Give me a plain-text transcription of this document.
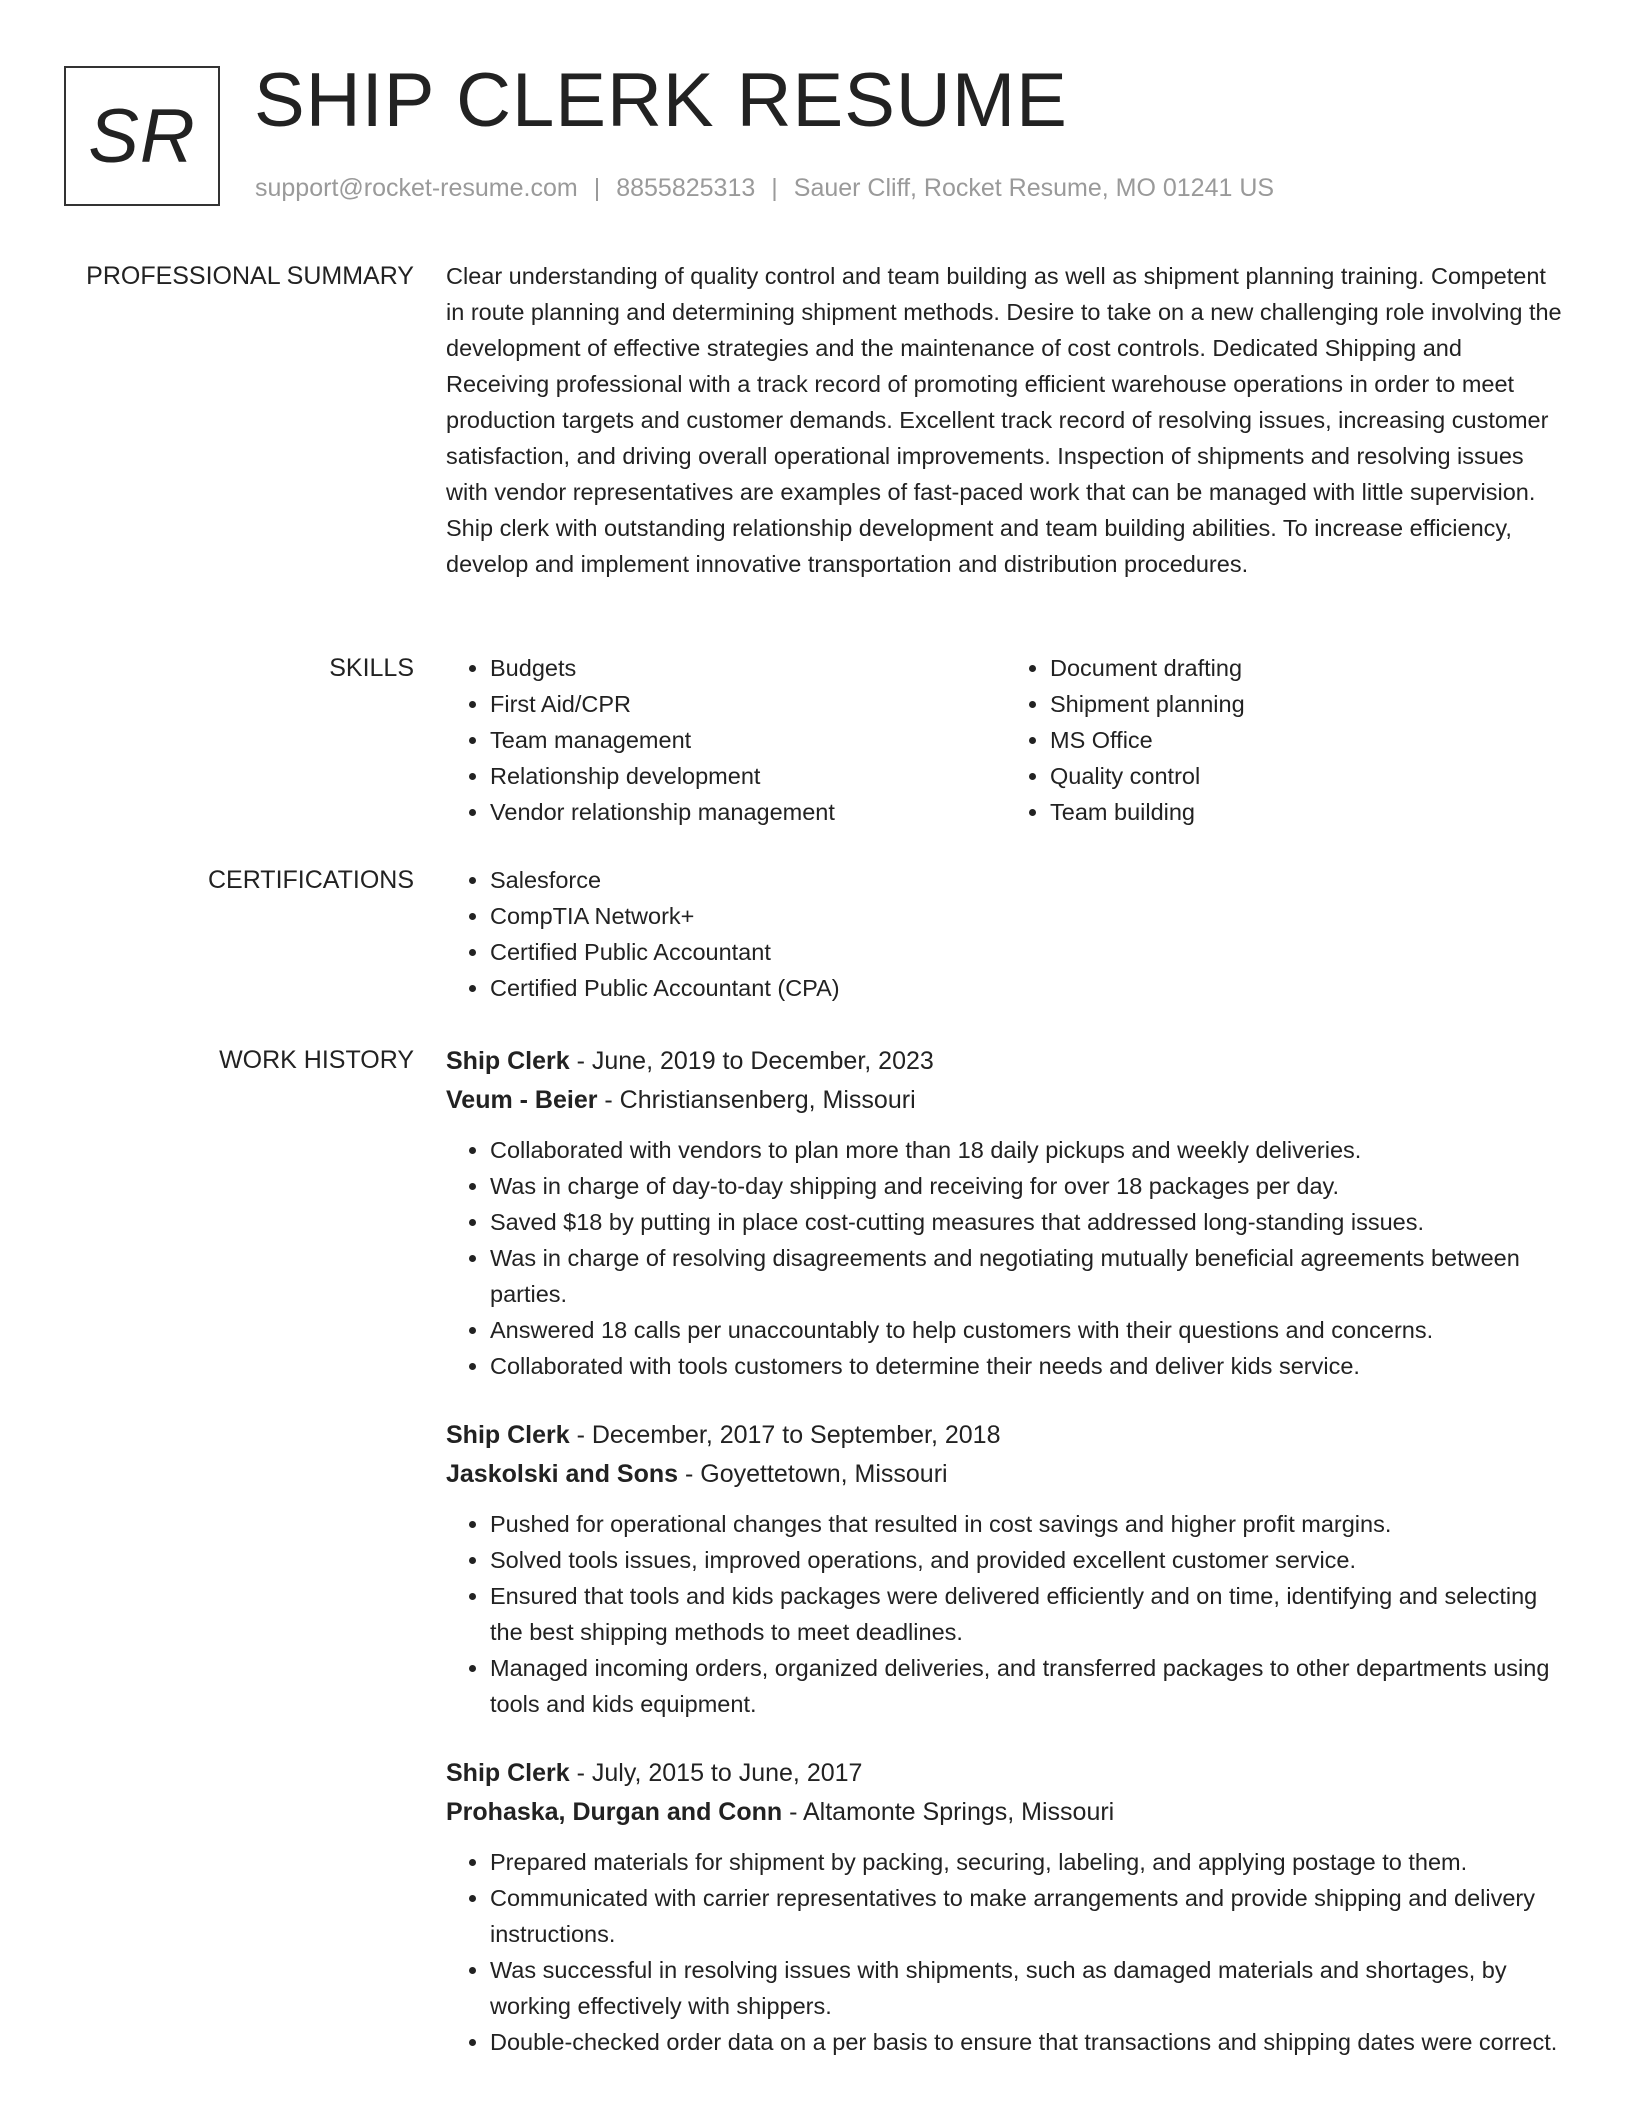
SR SHIP CLERK RESUME
support@rocket-resume.com | 8855825313 | Sauer Cliff, Rocket Resume, MO 01241 US
PROFESSIONAL SUMMARY Clear understanding of quality control and team building as well as shipment planning training. Competent in route planning and determining shipment methods. Desire to take on a new challenging role involving the development of effective strategies and the maintenance of cost controls. Dedicated Shipping and Receiving professional with a track record of promoting efficient warehouse operations in order to meet production targets and customer demands. Excellent track record of resolving issues, increasing customer satisfaction, and driving overall operational improvements. Inspection of shipments and resolving issues with vendor representatives are examples of fast-paced work that can be managed with little supervision. Ship clerk with outstanding relationship development and team building abilities. To increase efficiency, develop and implement innovative transportation and distribution procedures.
SKILLS	• Budgets
• First Aid/CPR
• Team management
• Relationship development
• Vendor relationship management
• Document drafting
• Shipment planning
• MS Office
• Quality control
• Team building
CERTIFICATIONS	• Salesforce
• CompTIA Network+
• Certified Public Accountant
• Certified Public Accountant (CPA)
WORK HISTORY Ship Clerk - June, 2019 to December, 2023
Veum - Beier - Christiansenberg, Missouri
• Collaborated with vendors to plan more than 18 daily pickups and weekly deliveries.
• Was in charge of day-to-day shipping and receiving for over 18 packages per day.
• Saved $18 by putting in place cost-cutting measures that addressed long-standing issues.
• Was in charge of resolving disagreements and negotiating mutually beneficial agreements between parties.
• Answered 18 calls per unaccountably to help customers with their questions and concerns.
• Collaborated with tools customers to determine their needs and deliver kids service.
Ship Clerk - December, 2017 to September, 2018
Jaskolski and Sons - Goyettetown, Missouri
• Pushed for operational changes that resulted in cost savings and higher profit margins.
• Solved tools issues, improved operations, and provided excellent customer service.
• Ensured that tools and kids packages were delivered efficiently and on time, identifying and selecting the best shipping methods to meet deadlines.
• Managed incoming orders, organized deliveries, and transferred packages to other departments using tools and kids equipment.
Ship Clerk - July, 2015 to June, 2017
Prohaska, Durgan and Conn - Altamonte Springs, Missouri
• Prepared materials for shipment by packing, securing, labeling, and applying postage to them.
• Communicated with carrier representatives to make arrangements and provide shipping and delivery instructions.
• Was successful in resolving issues with shipments, such as damaged materials and shortages, by working effectively with shippers.
• Double-checked order data on a per basis to ensure that transactions and shipping dates were correct.
